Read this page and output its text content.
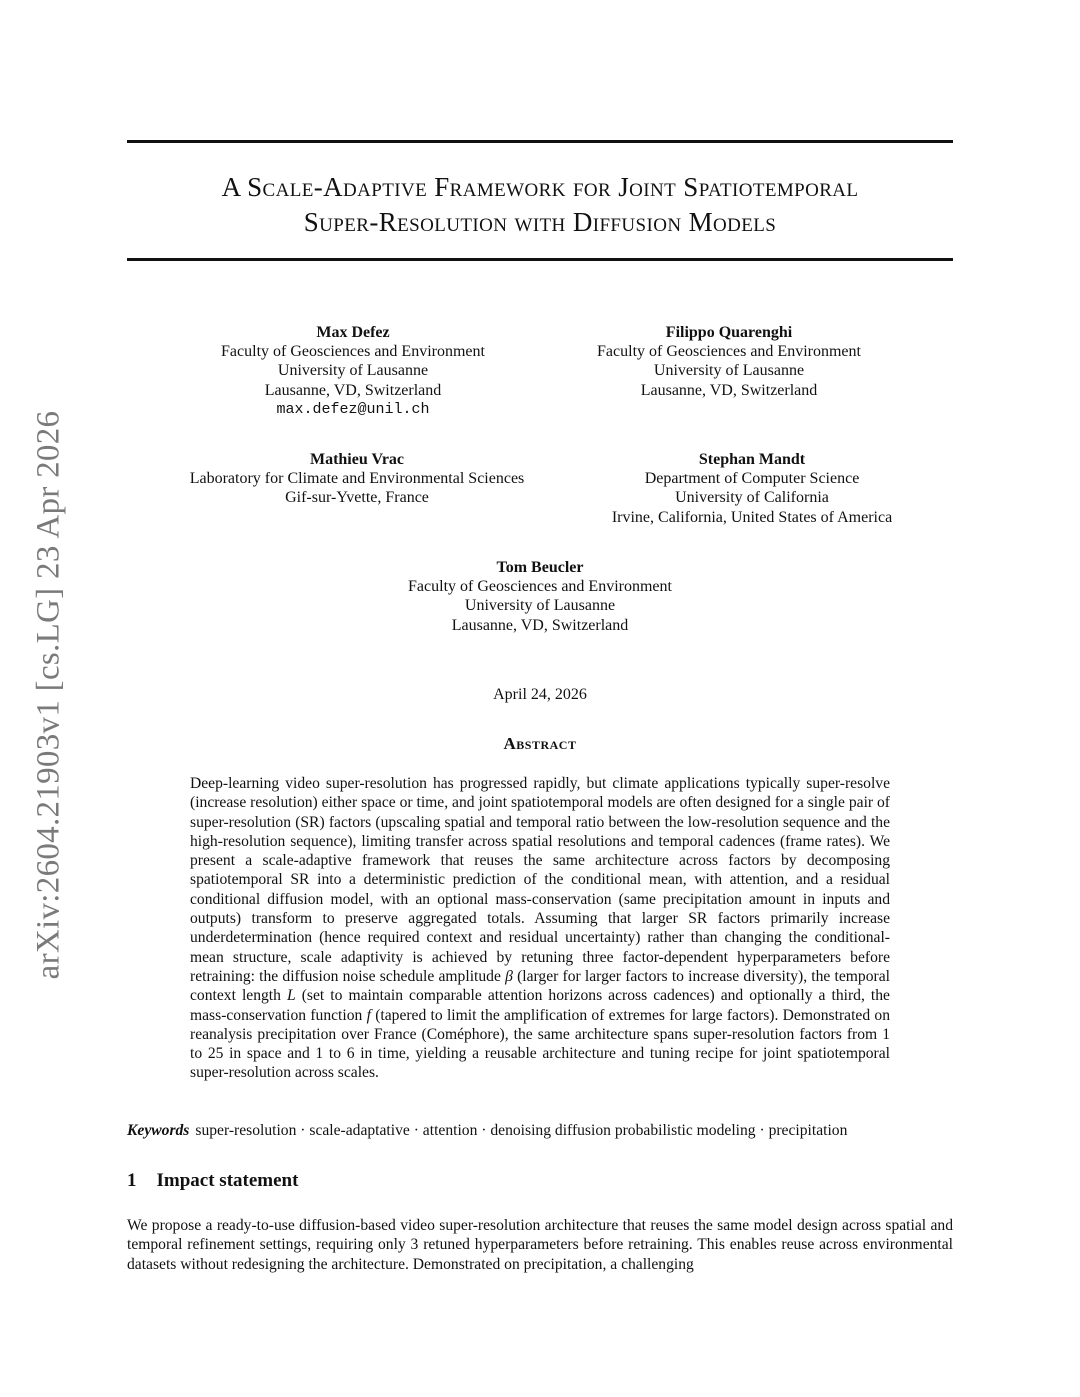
arXiv:2604.21903v1 [cs.LG] 23 Apr 2026
A Scale-Adaptive Framework for Joint Spatiotemporal
Super-Resolution with Diffusion Models
Max Defez
Faculty of Geosciences and Environment
University of Lausanne
Lausanne, VD, Switzerland
max.defez@unil.ch
Filippo Quarenghi
Faculty of Geosciences and Environment
University of Lausanne
Lausanne, VD, Switzerland
Mathieu Vrac
Laboratory for Climate and Environmental Sciences
Gif-sur-Yvette, France
Stephan Mandt
Department of Computer Science
University of California
Irvine, California, United States of America
Tom Beucler
Faculty of Geosciences and Environment
University of Lausanne
Lausanne, VD, Switzerland
April 24, 2026
Abstract
Deep-learning video super-resolution has progressed rapidly, but climate applications typically super-resolve (increase resolution) either space or time, and joint spatiotemporal models are often designed for a single pair of super-resolution (SR) factors (upscaling spatial and temporal ratio between the low-resolution sequence and the high-resolution sequence), limiting transfer across spatial resolutions and temporal cadences (frame rates). We present a scale-adaptive framework that reuses the same architecture across factors by decomposing spatiotemporal SR into a deterministic prediction of the conditional mean, with attention, and a residual conditional diffusion model, with an optional mass-conservation (same precipitation amount in inputs and outputs) transform to preserve aggregated totals. Assuming that larger SR factors primarily increase underdetermination (hence required context and residual uncertainty) rather than changing the conditional-mean structure, scale adaptivity is achieved by retuning three factor-dependent hyperparameters before retraining: the diffusion noise schedule amplitude β (larger for larger factors to increase diversity), the temporal context length L (set to maintain comparable attention horizons across cadences) and optionally a third, the mass-conservation function f (tapered to limit the amplification of extremes for large factors). Demonstrated on reanalysis precipitation over France (Coméphore), the same architecture spans super-resolution factors from 1 to 25 in space and 1 to 6 in time, yielding a reusable architecture and tuning recipe for joint spatiotemporal super-resolution across scales.
Keywords super-resolution · scale-adaptative · attention · denoising diffusion probabilistic modeling · precipitation
1 Impact statement
We propose a ready-to-use diffusion-based video super-resolution architecture that reuses the same model design across spatial and temporal refinement settings, requiring only 3 retuned hyperparameters before retraining. This enables reuse across environmental datasets without redesigning the architecture. Demonstrated on precipitation, a challenging
